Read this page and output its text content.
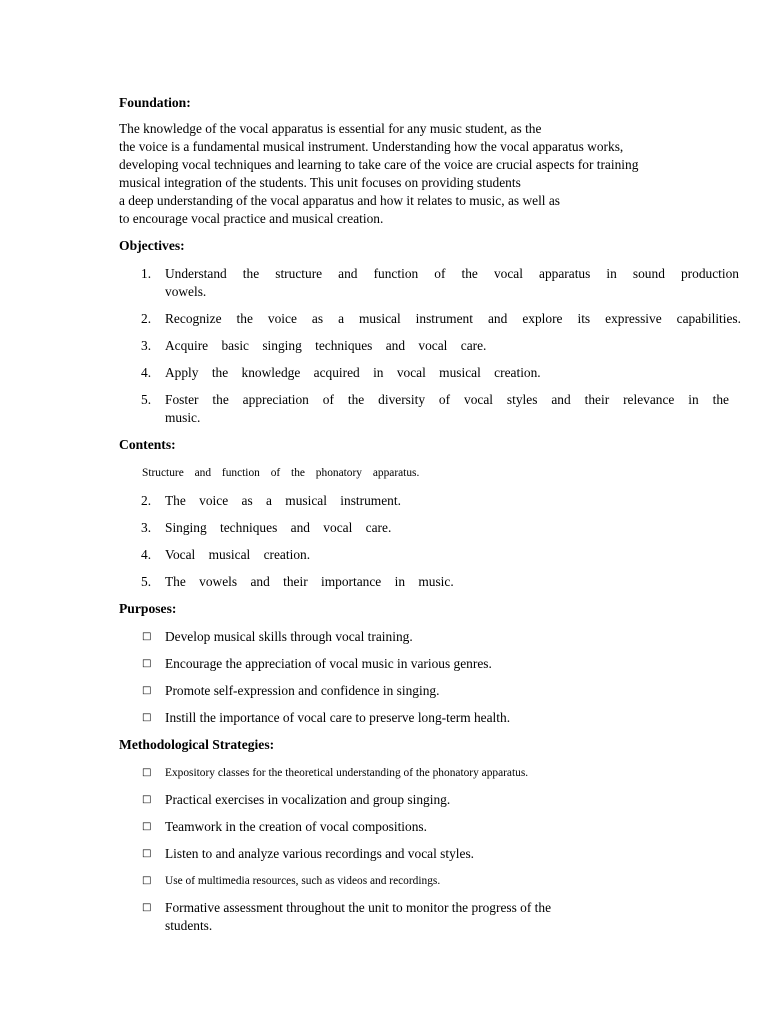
Foundation:

The knowledge of the vocal apparatus is essential for any music student, as the
the voice is a fundamental musical instrument. Understanding how the vocal apparatus works,
developing vocal techniques and learning to take care of the voice are crucial aspects for training
musical integration of the students. This unit focuses on providing students
a deep understanding of the vocal apparatus and how it relates to music, as well as
to encourage vocal practice and musical creation.

Objectives:

1. Understand the structure and function of the vocal apparatus in sound production
vowels.
2. Recognize the voice as a musical instrument and explore its expressive capabilities.
3. Acquire basic singing techniques and vocal care.
4. Apply the knowledge acquired in vocal musical creation.
5. Foster the appreciation of the diversity of vocal styles and their relevance in the
music.

Contents:

Structure and function of the phonatory apparatus.
2. The voice as a musical instrument.
3. Singing techniques and vocal care.
4. Vocal musical creation.
5. The vowels and their importance in music.

Purposes:

□ Develop musical skills through vocal training.
□ Encourage the appreciation of vocal music in various genres.
□ Promote self-expression and confidence in singing.
□ Instill the importance of vocal care to preserve long-term health.

Methodological Strategies:

□ Expository classes for the theoretical understanding of the phonatory apparatus.
□ Practical exercises in vocalization and group singing.
□ Teamwork in the creation of vocal compositions.
□ Listen to and analyze various recordings and vocal styles.
□ Use of multimedia resources, such as videos and recordings.
□ Formative assessment throughout the unit to monitor the progress of the
students.
